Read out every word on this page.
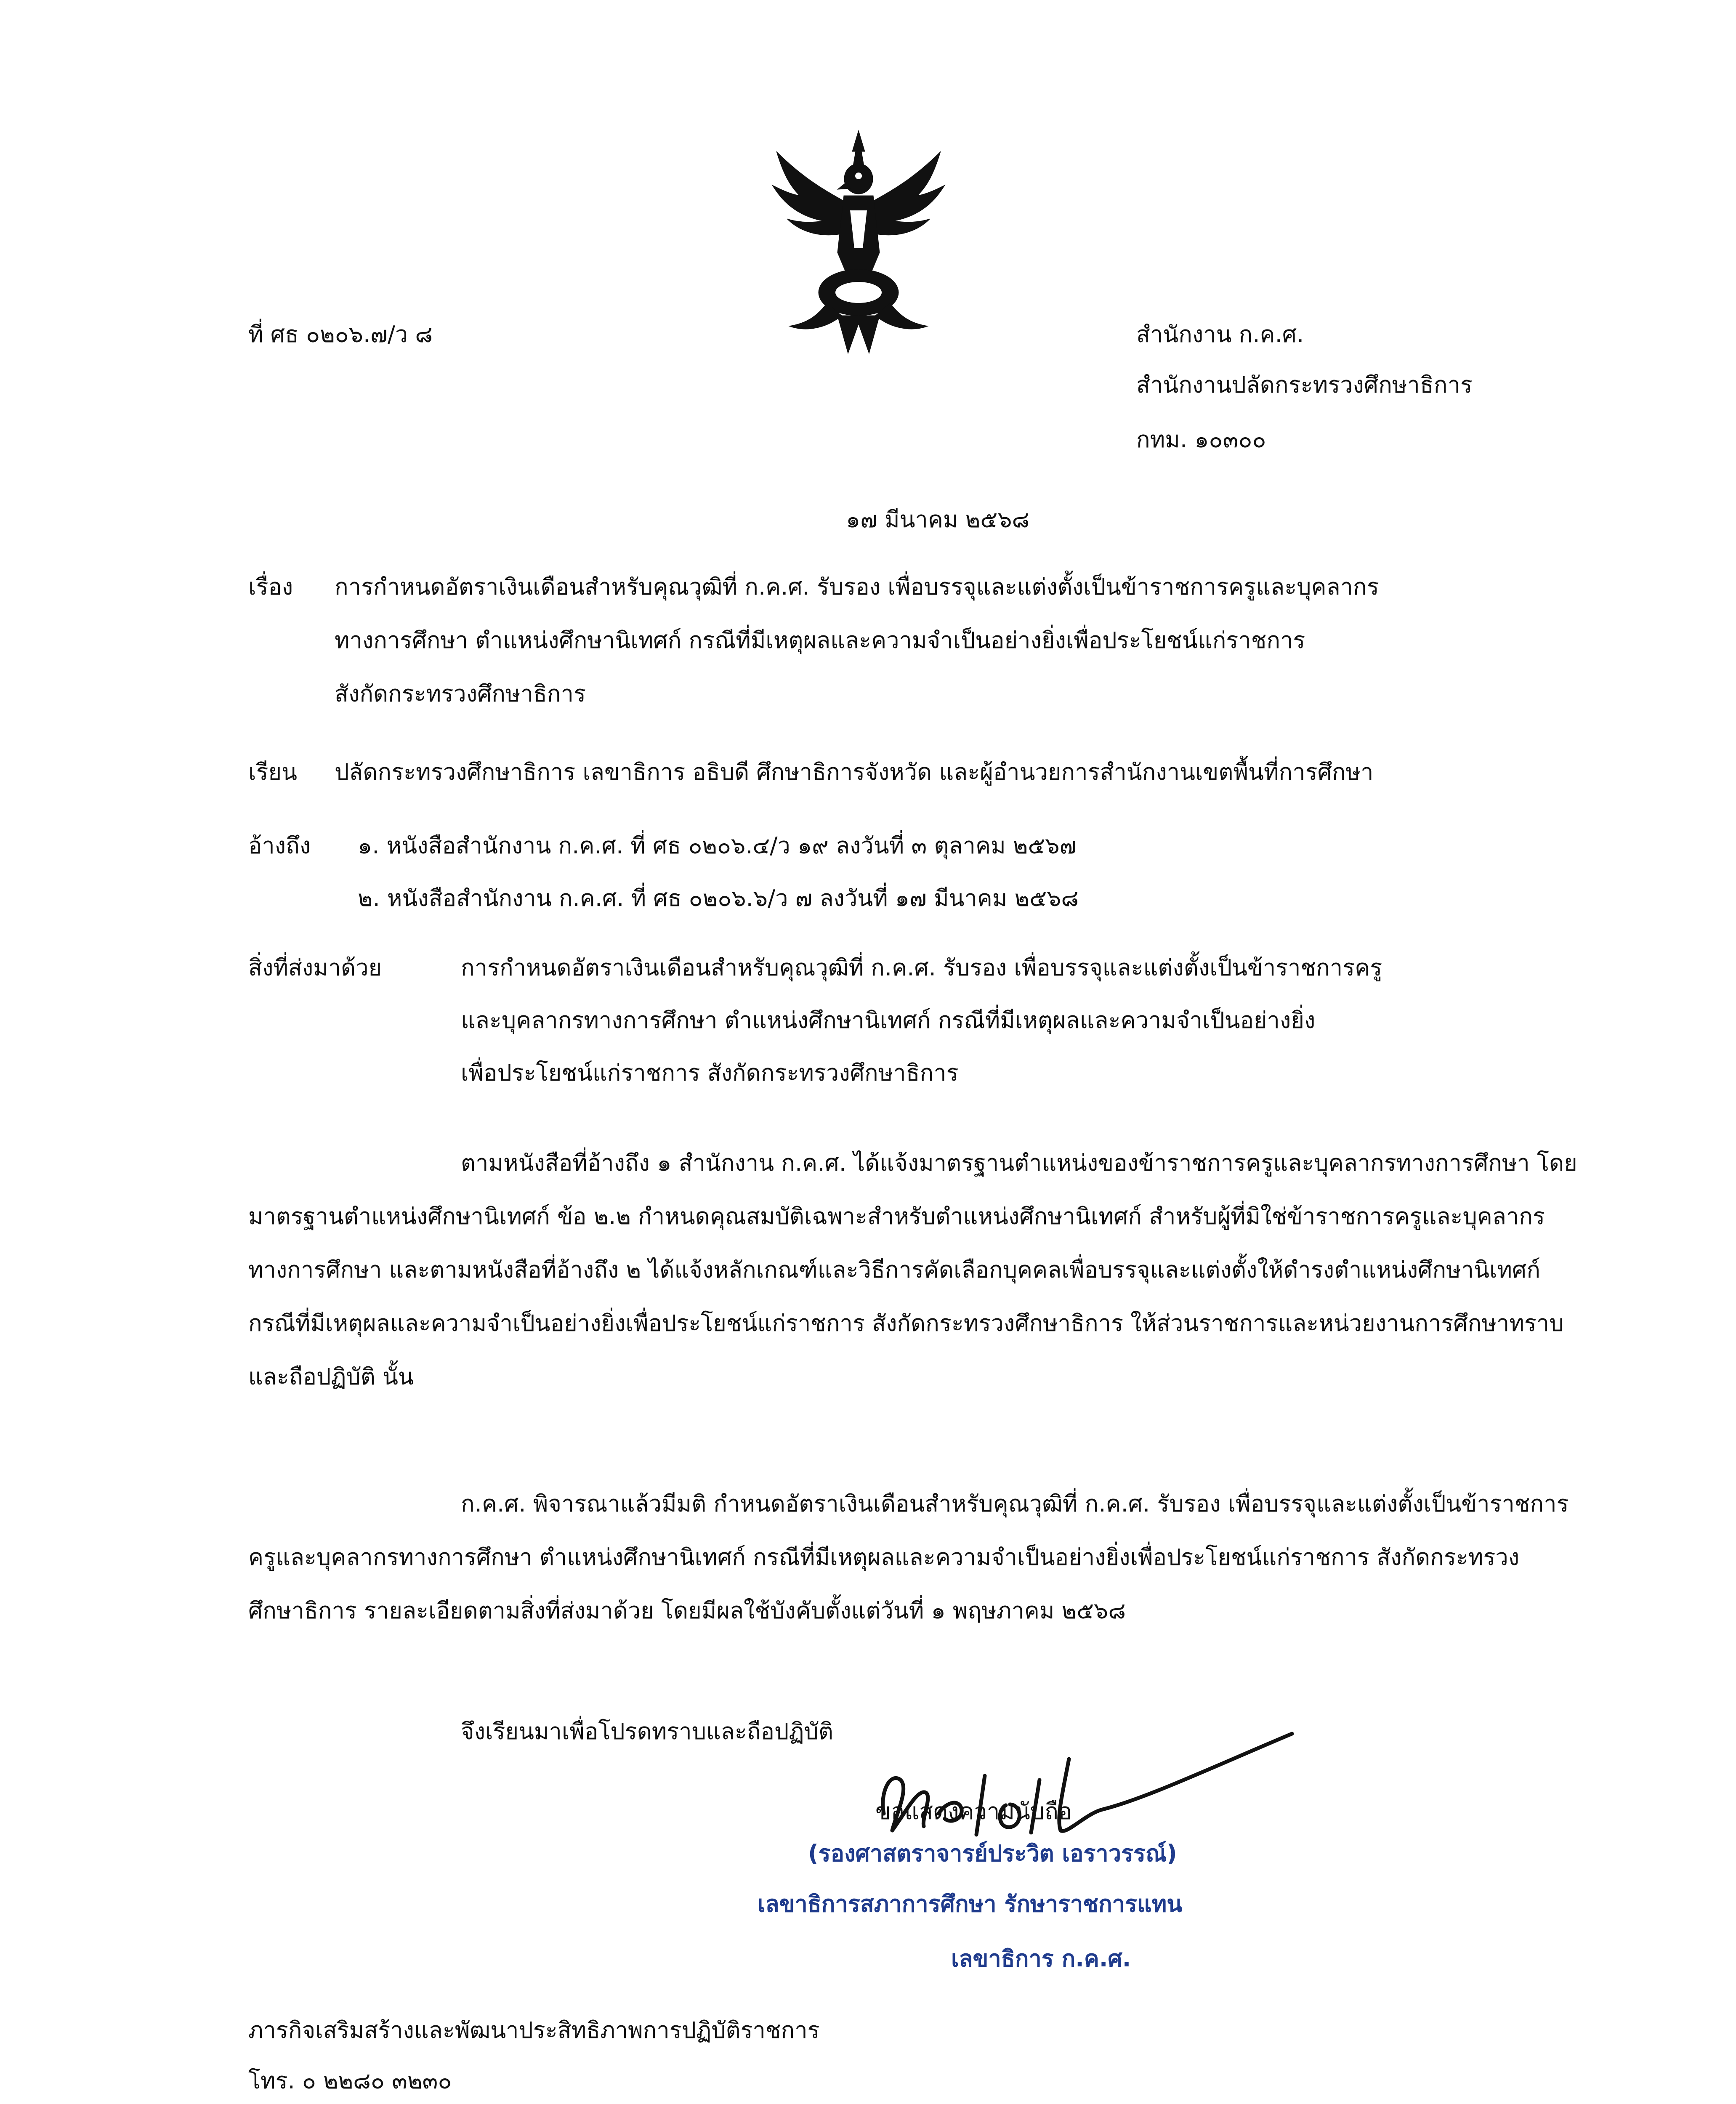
ที่ ศธ ๐๒๐๖.๗/ว ๘	สำนักงาน ก.ค.ศ.
สำนักงานปลัดกระทรวงศึกษาธิการ
กทม. ๑๐๓๐๐
๑๗ มีนาคม ๒๕๖๘
เรื่อง การกำหนดอัตราเงินเดือนสำหรับคุณวุฒิที่ ก.ค.ศ. รับรอง เพื่อบรรจุและแต่งตั้งเป็นข้าราชการครูและบุคลากร
ทางการศึกษา ตำแหน่งศึกษานิเทศก์ กรณีที่มีเหตุผลและความจำเป็นอย่างยิ่งเพื่อประโยชน์แก่ราชการ
สังกัดกระทรวงศึกษาธิการ
เรียน ปลัดกระทรวงศึกษาธิการ เลขาธิการ อธิบดี ศึกษาธิการจังหวัด และผู้อำนวยการสำนักงานเขตพื้นที่การศึกษา
อ้างถึง ๑. หนังสือสำนักงาน ก.ค.ศ. ที่ ศธ ๐๒๐๖.๔/ว ๑๙ ลงวันที่ ๓ ตุลาคม ๒๕๖๗
๒. หนังสือสำนักงาน ก.ค.ศ. ที่ ศธ ๐๒๐๖.๖/ว ๗ ลงวันที่ ๑๗ มีนาคม ๒๕๖๘
สิ่งที่ส่งมาด้วย	การกำหนดอัตราเงินเดือนสำหรับคุณวุฒิที่ ก.ค.ศ. รับรอง เพื่อบรรจุและแต่งตั้งเป็นข้าราชการครู
และบุคลากรทางการศึกษา ตำแหน่งศึกษานิเทศก์ กรณีที่มีเหตุผลและความจำเป็นอย่างยิ่ง
เพื่อประโยชน์แก่ราชการ สังกัดกระทรวงศึกษาธิการ
ตามหนังสือที่อ้างถึง ๑ สำนักงาน ก.ค.ศ. ได้แจ้งมาตรฐานตำแหน่งของข้าราชการครูและบุคลากรทางการศึกษา โดยมาตรฐานตำแหน่งศึกษานิเทศก์ ข้อ ๒.๒ กำหนดคุณสมบัติเฉพาะสำหรับตำแหน่งศึกษานิเทศก์ สำหรับผู้ที่มิใช่ข้าราชการครูและบุคลากรทางการศึกษา และตามหนังสือที่อ้างถึง ๒ ได้แจ้งหลักเกณฑ์และวิธีการคัดเลือกบุคคลเพื่อบรรจุและแต่งตั้งให้ดำรงตำแหน่งศึกษานิเทศก์ กรณีที่มีเหตุผลและความจำเป็นอย่างยิ่งเพื่อประโยชน์แก่ราชการ สังกัดกระทรวงศึกษาธิการ ให้ส่วนราชการและหน่วยงานการศึกษาทราบและถือปฏิบัติ นั้น
ก.ค.ศ. พิจารณาแล้วมีมติ กำหนดอัตราเงินเดือนสำหรับคุณวุฒิที่ ก.ค.ศ. รับรอง เพื่อบรรจุและแต่งตั้งเป็นข้าราชการครูและบุคลากรทางการศึกษา ตำแหน่งศึกษานิเทศก์ กรณีที่มีเหตุผลและความจำเป็นอย่างยิ่งเพื่อประโยชน์แก่ราชการ สังกัดกระทรวงศึกษาธิการ รายละเอียดตามสิ่งที่ส่งมาด้วย โดยมีผลใช้บังคับตั้งแต่วันที่ ๑ พฤษภาคม ๒๕๖๘
จึงเรียนมาเพื่อโปรดทราบและถือปฏิบัติ
ขอแสดงความนับถือ
(รองศาสตราจารย์ประวิต เอราวรรณ์)
เลขาธิการสภาการศึกษา รักษาราชการแทน
เลขาธิการ ก.ค.ศ.
ภารกิจเสริมสร้างและพัฒนาประสิทธิภาพการปฏิบัติราชการ
โทร. ๐ ๒๒๘๐ ๓๒๓๐
